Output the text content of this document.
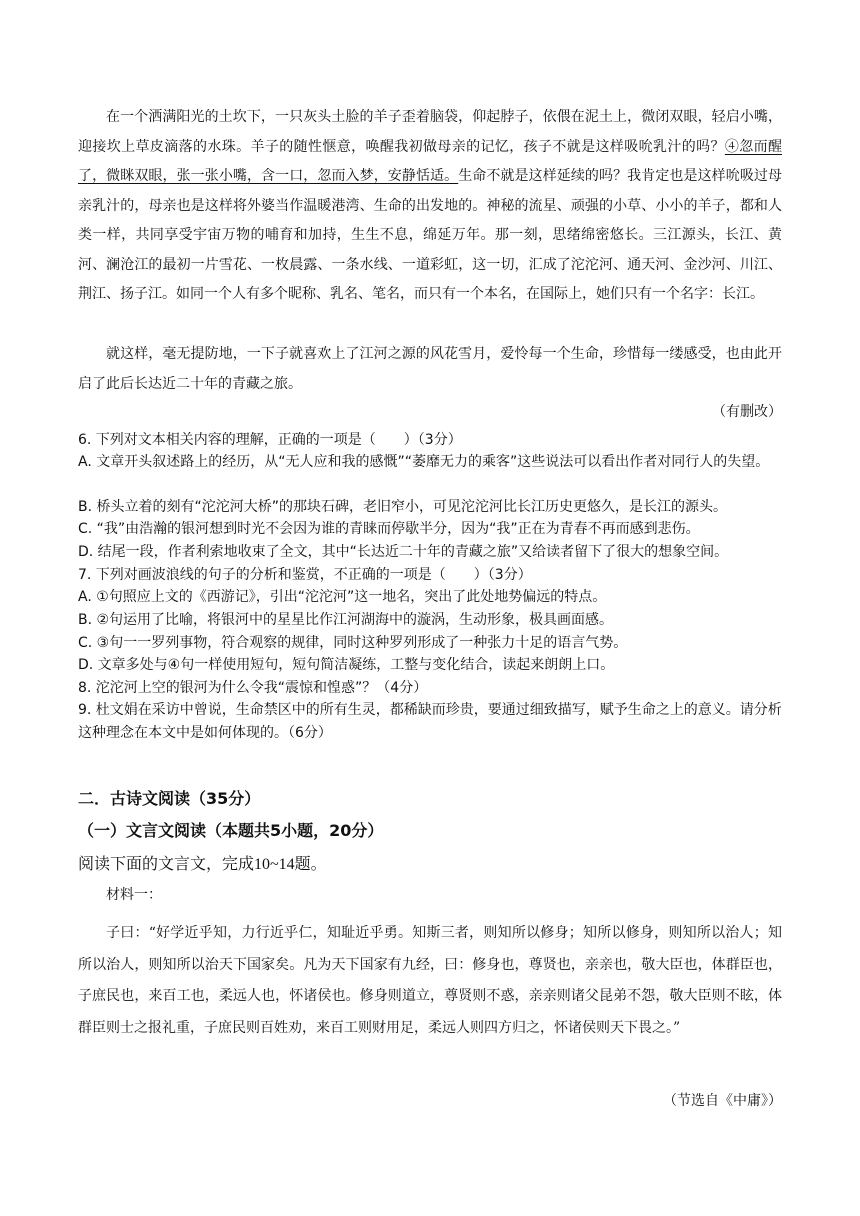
在一个洒满阳光的土坎下，一只灰头土脸的羊子歪着脑袋，仰起脖子，依偎在泥土上，微闭双眼，轻启小嘴，迎接坎上草皮滴落的水珠。羊子的随性惬意，唤醒我初做母亲的记忆，孩子不就是这样吸吮乳汁的吗？④忽而醒了，微眯双眼，张一张小嘴，含一口，忽而入梦，安静恬适。生命不就是这样延续的吗？我肯定也是这样吮吸过母亲乳汁的，母亲也是这样将外婆当作温暖港湾、生命的出发地的。神秘的流星、顽强的小草、小小的羊子，都和人类一样，共同享受宇宙万物的哺育和加持，生生不息，绵延万年。那一刻，思绪绵密悠长。三江源头，长江、黄河、澜沧江的最初一片雪花、一枚晨露、一条水线、一道彩虹，这一切，汇成了沱沱河、通天河、金沙河、川江、荆江、扬子江。如同一个人有多个昵称、乳名、笔名，而只有一个本名，在国际上，她们只有一个名字：长江。
就这样，毫无提防地，一下子就喜欢上了江河之源的风花雪月，爱怜每一个生命，珍惜每一缕感受，也由此开启了此后长达近二十年的青藏之旅。
（有删改）
6. 下列对文本相关内容的理解，正确的一项是（　　）（3分）
A. 文章开头叙述路上的经历，从“无人应和我的感慨”“萎靡无力的乘客”这些说法可以看出作者对同行人的失望。
B. 桥头立着的刻有“沱沱河大桥”的那块石碑，老旧窄小，可见沱沱河比长江历史更悠久，是长江的源头。
C. “我”由浩瀚的银河想到时光不会因为谁的青睐而停歇半分，因为“我”正在为青春不再而感到悲伤。
D. 结尾一段，作者利索地收束了全文，其中“长达近二十年的青藏之旅”又给读者留下了很大的想象空间。
7. 下列对画波浪线的句子的分析和鉴赏，不正确的一项是（　　）（3分）
A. ①句照应上文的《西游记》，引出“沱沱河”这一地名，突出了此处地势偏远的特点。
B. ②句运用了比喻，将银河中的星星比作江河湖海中的漩涡，生动形象，极具画面感。
C. ③句一一罗列事物，符合观察的规律，同时这种罗列形成了一种张力十足的语言气势。
D. 文章多处与④句一样使用短句，短句简洁凝练，工整与变化结合，读起来朗朗上口。
8. 沱沱河上空的银河为什么令我“震惊和惶惑”？（4分）
9. 杜文娟在采访中曾说，生命禁区中的所有生灵，都稀缺而珍贵，要通过细致描写，赋予生命之上的意义。请分析这种理念在本文中是如何体现的。（6分）
二．古诗文阅读（35分）
（一）文言文阅读（本题共5小题，20分）
阅读下面的文言文，完成10~14题。
材料一：
子曰：“好学近乎知，力行近乎仁，知耻近乎勇。知斯三者，则知所以修身；知所以修身，则知所以治人；知所以治人，则知所以治天下国家矣。凡为天下国家有九经，曰：修身也，尊贤也，亲亲也，敬大臣也，体群臣也，子庶民也，来百工也，柔远人也，怀诸侯也。修身则道立，尊贤则不惑，亲亲则诸父昆弟不怨，敬大臣则不眩，体群臣则士之报礼重，子庶民则百姓劝，来百工则财用足，柔远人则四方归之，怀诸侯则天下畏之。”
（节选自《中庸》）
